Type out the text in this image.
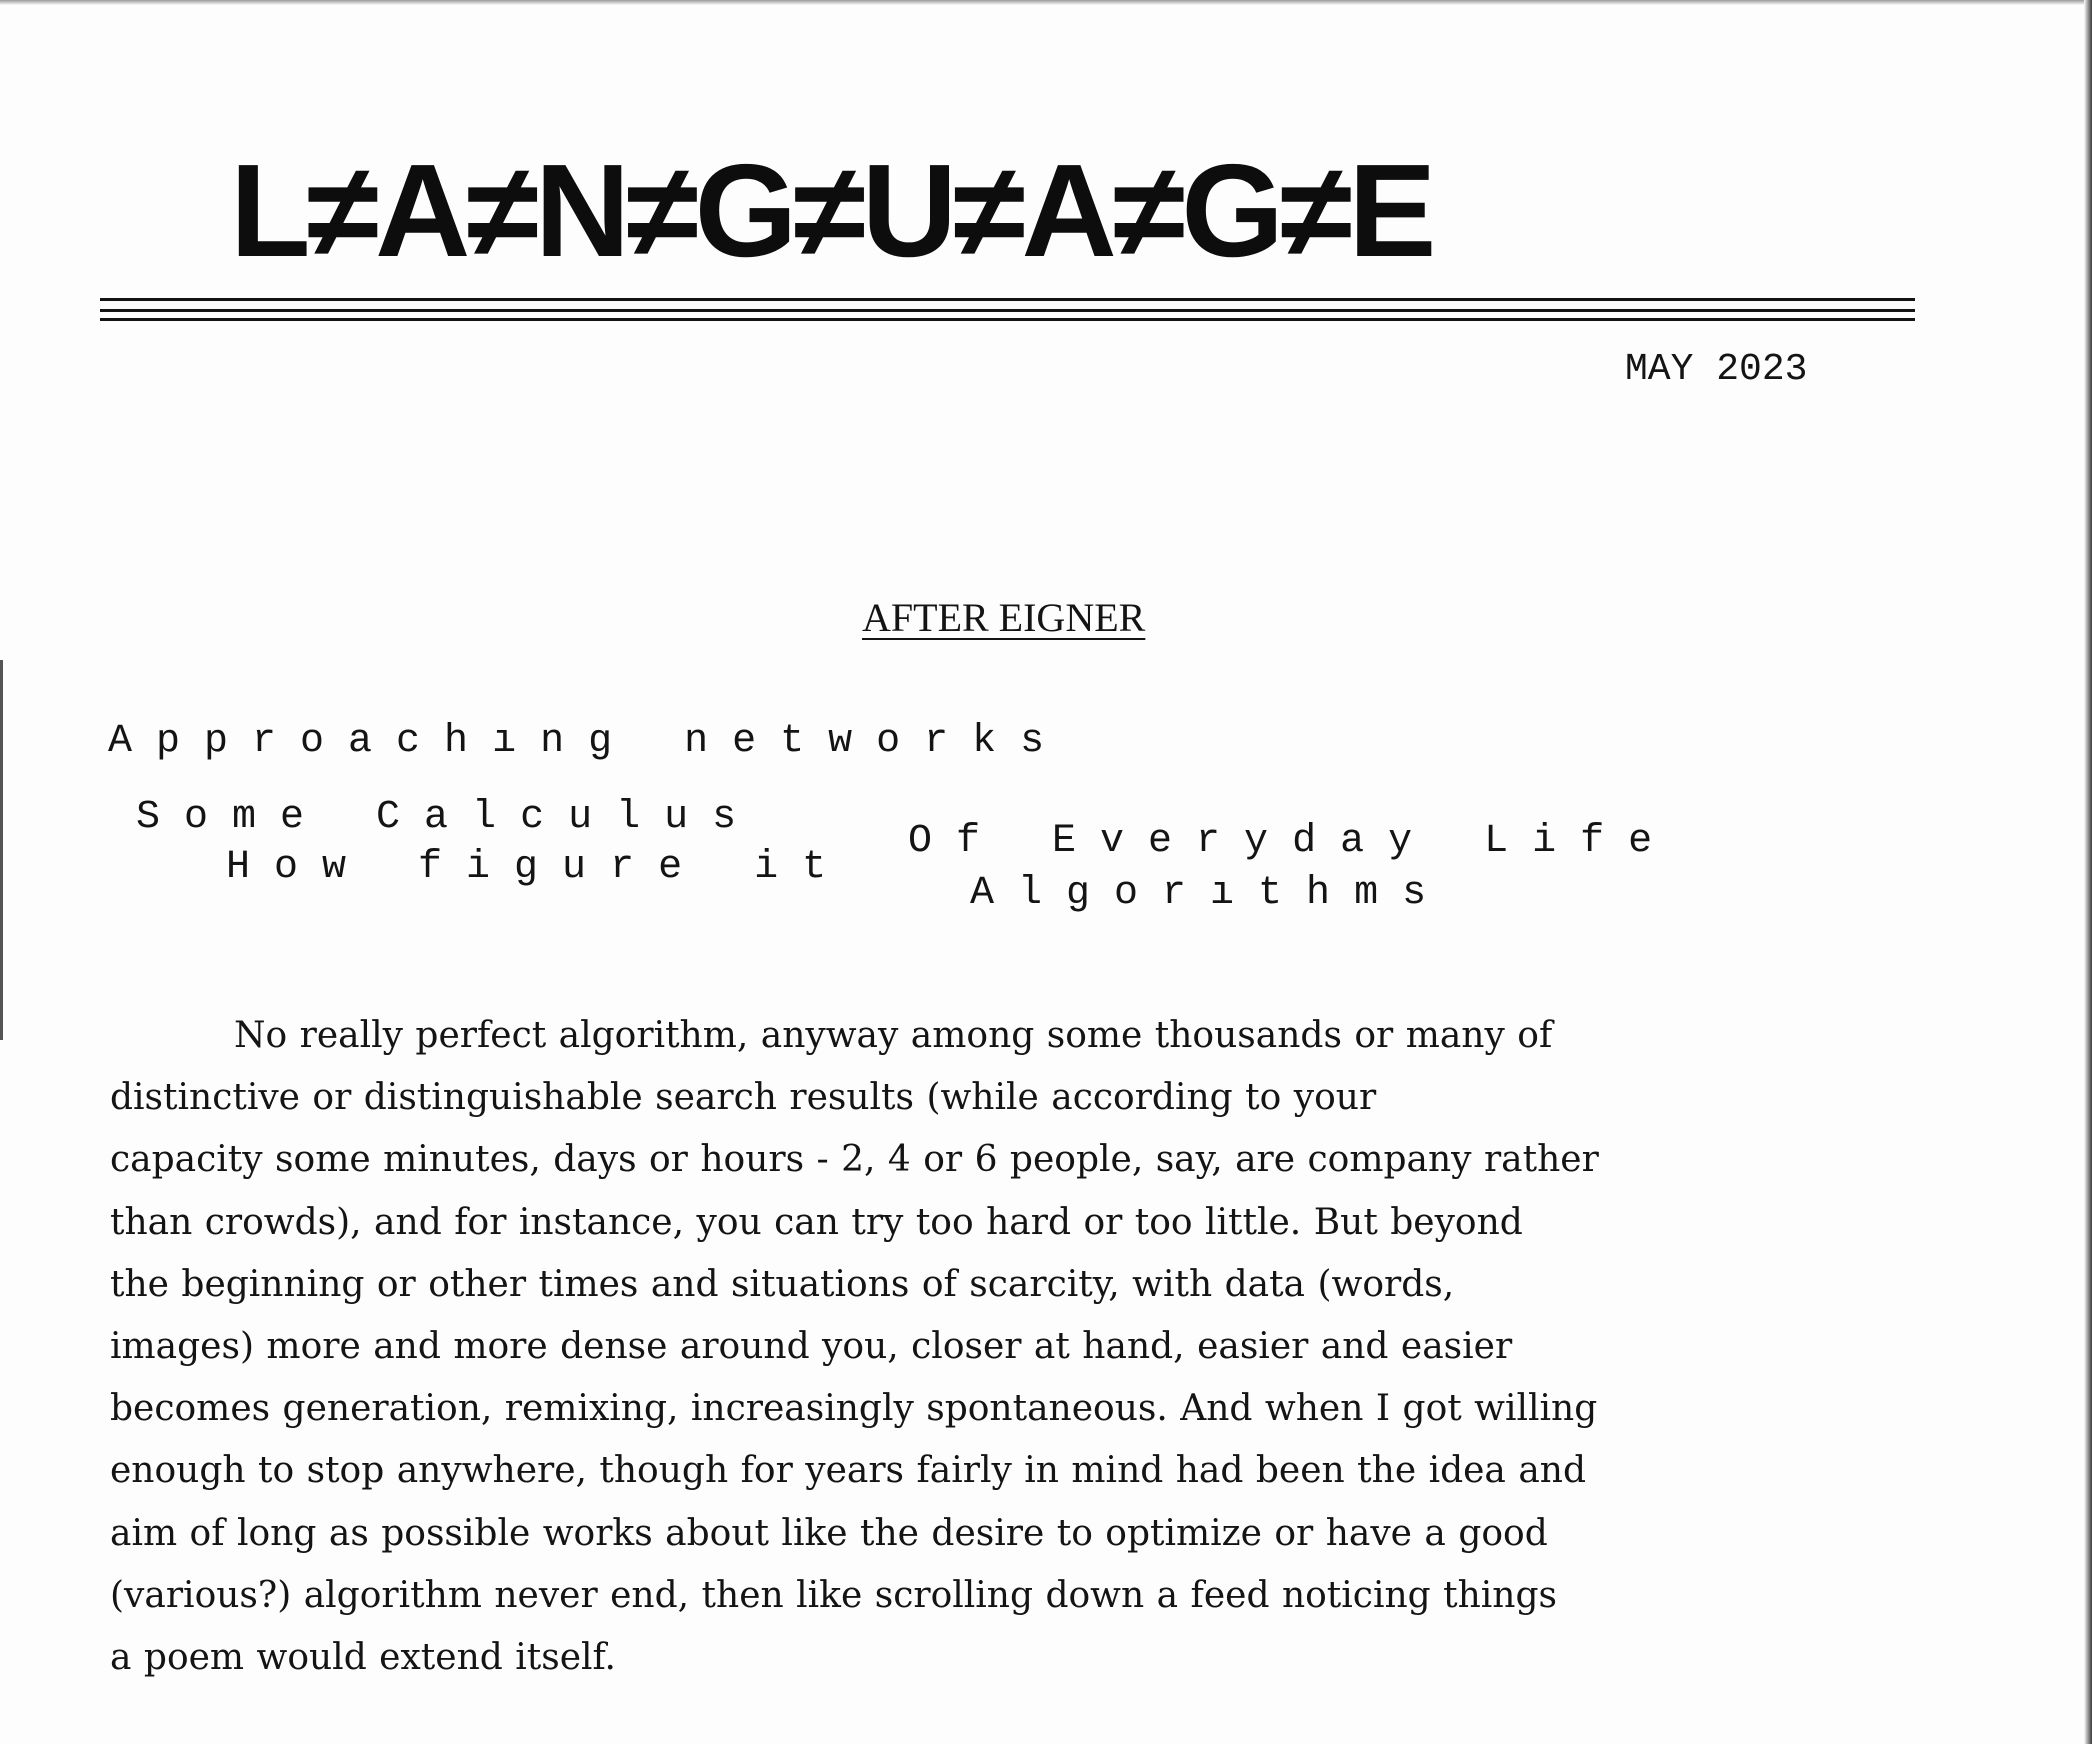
L≠A≠N≠G≠U≠A≠G≠E
MAY 2023
AFTER EIGNER
A p p r o a c h ı n g   n e t w o r k s
S o m e   C a l c u l u s
H o w   f i g u r e   i t
O f   E v e r y d a y   L i f e
A l g o r ı t h m s
No really perfect algorithm, anyway among some thousands or many of
distinctive or distinguishable search results (while according to your
capacity some minutes, days or hours - 2, 4 or 6 people, say, are company rather
than crowds), and for instance, you can try too hard or too little. But beyond
the beginning or other times and situations of scarcity, with data (words,
images) more and more dense around you, closer at hand, easier and easier
becomes generation, remixing, increasingly spontaneous. And when I got willing
enough to stop anywhere, though for years fairly in mind had been the idea and
aim of long as possible works about like the desire to optimize or have a good
(various?) algorithm never end, then like scrolling down a feed noticing things
a poem would extend itself.
